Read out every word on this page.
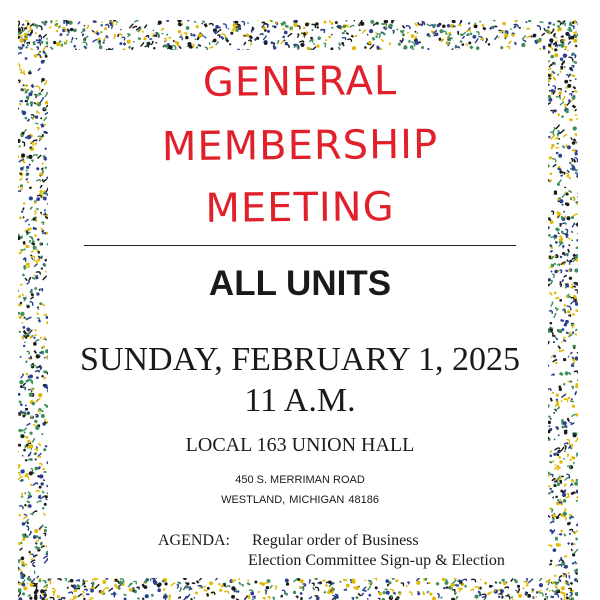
GENERAL
MEMBERSHIP
MEETING
ALL UNITS
SUNDAY, FEBRUARY 1, 2025
11 A.M.
LOCAL 163 UNION HALL
450 S. MERRIMAN ROAD
WESTLAND, MICHIGAN 48186
AGENDA: Regular order of Business
Election Committee Sign-up & Election
